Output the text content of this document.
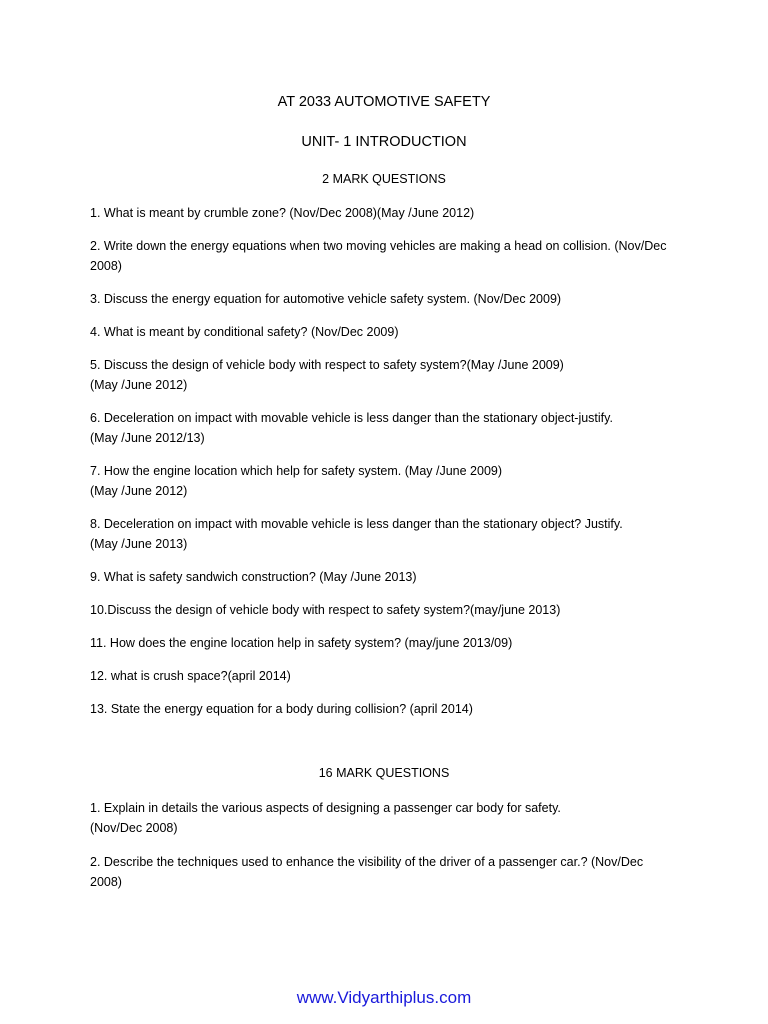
AT 2033 AUTOMOTIVE SAFETY
UNIT- 1 INTRODUCTION
2 MARK QUESTIONS
1. What is meant by crumble zone? (Nov/Dec 2008)(May /June 2012)
2. Write down the energy equations when two moving vehicles are making a head on collision. (Nov/Dec
2008)
3. Discuss the energy equation for automotive vehicle safety system. (Nov/Dec 2009)
4. What is meant by conditional safety? (Nov/Dec 2009)
5. Discuss the design of vehicle body with respect to safety system?(May /June 2009)
(May /June 2012)
6. Deceleration on impact with movable vehicle is less danger than the stationary object-justify.
(May /June 2012/13)
7. How the engine location which help for safety system. (May /June 2009)
(May /June 2012)
8. Deceleration on impact with movable vehicle is less danger than the stationary object? Justify.
(May /June 2013)
9. What is safety sandwich construction? (May /June 2013)
10.Discuss the design of vehicle body with respect to safety system?(may/june 2013)
11. How does the engine location help in safety system? (may/june 2013/09)
12. what is crush space?(april 2014)
13. State the energy equation for a body during collision? (april 2014)
16 MARK QUESTIONS
1. Explain in details the various aspects of designing a passenger car body for safety.
(Nov/Dec 2008)
2. Describe the techniques used to enhance the visibility of the driver of a passenger car.? (Nov/Dec
2008)
www.Vidyarthiplus.com
